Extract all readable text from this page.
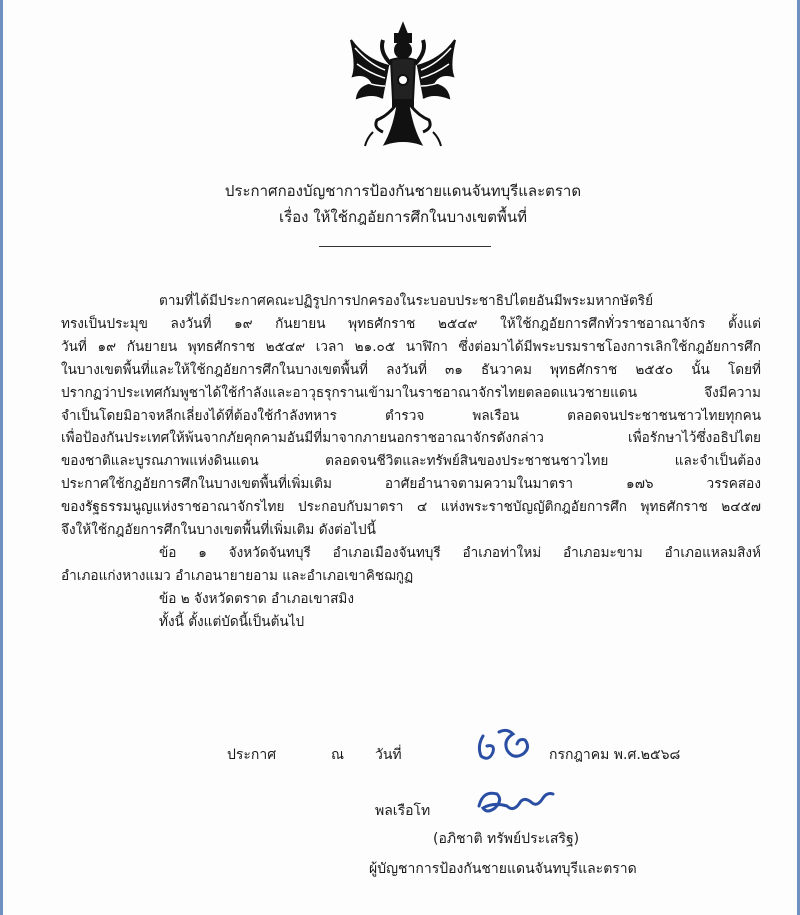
ประกาศกองบัญชาการป้องกันชายแดนจันทบุรีและตราด
เรื่อง ให้ใช้กฎอัยการศึกในบางเขตพื้นที่

ตามที่ได้มีประกาศคณะปฏิรูปการปกครองในระบอบประชาธิปไตยอันมีพระมหากษัตริย์
ทรงเป็นประมุข ลงวันที่ ๑๙ กันยายน พุทธศักราช ๒๕๔๙ ให้ใช้กฎอัยการศึกทั่วราชอาณาจักร ตั้งแต่
วันที่ ๑๙ กันยายน พุทธศักราช ๒๕๔๙ เวลา ๒๑.๐๕ นาฬิกา ซึ่งต่อมาได้มีพระบรมราชโองการเลิกใช้กฎอัยการศึก
ในบางเขตพื้นที่และให้ใช้กฎอัยการศึกในบางเขตพื้นที่ ลงวันที่ ๓๑ ธันวาคม พุทธศักราช ๒๕๕๐ นั้น โดยที่
ปรากฏว่าประเทศกัมพูชาได้ใช้กำลังและอาวุธรุกรานเข้ามาในราชอาณาจักรไทยตลอดแนวชายแดน จึงมีความ
จำเป็นโดยมิอาจหลีกเลี่ยงได้ที่ต้องใช้กำลังทหาร ตำรวจ พลเรือน ตลอดจนประชาชนชาวไทยทุกคน
เพื่อป้องกันประเทศให้พ้นจากภัยคุกคามอันมีที่มาจากภายนอกราชอาณาจักรดังกล่าว เพื่อรักษาไว้ซึ่งอธิปไตย
ของชาติและบูรณภาพแห่งดินแดน ตลอดจนชีวิตและทรัพย์สินของประชาชนชาวไทย และจำเป็นต้อง
ประกาศใช้กฎอัยการศึกในบางเขตพื้นที่เพิ่มเติม อาศัยอำนาจตามความในมาตรา ๑๗๖ วรรคสอง
ของรัฐธรรมนูญแห่งราชอาณาจักรไทย ประกอบกับมาตรา ๔ แห่งพระราชบัญญัติกฎอัยการศึก พุทธศักราช ๒๔๕๗
จึงให้ใช้กฎอัยการศึกในบางเขตพื้นที่เพิ่มเติม ดังต่อไปนี้

ข้อ ๑ จังหวัดจันทบุรี อำเภอเมืองจันทบุรี อำเภอท่าใหม่ อำเภอมะขาม อำเภอแหลมสิงห์
อำเภอแก่งหางแมว อำเภอนายายอาม และอำเภอเขาคิชฌกูฏ

ข้อ ๒ จังหวัดตราด อำเภอเขาสมิง

ทั้งนี้ ตั้งแต่บัดนี้เป็นต้นไป

ประกาศ	ณ วันที่	กรกฎาคม พ.ศ.๒๕๖๘
พลเรือโท
(อภิชาติ ทรัพย์ประเสริฐ)
ผู้บัญชาการป้องกันชายแดนจันทบุรีและตราด
